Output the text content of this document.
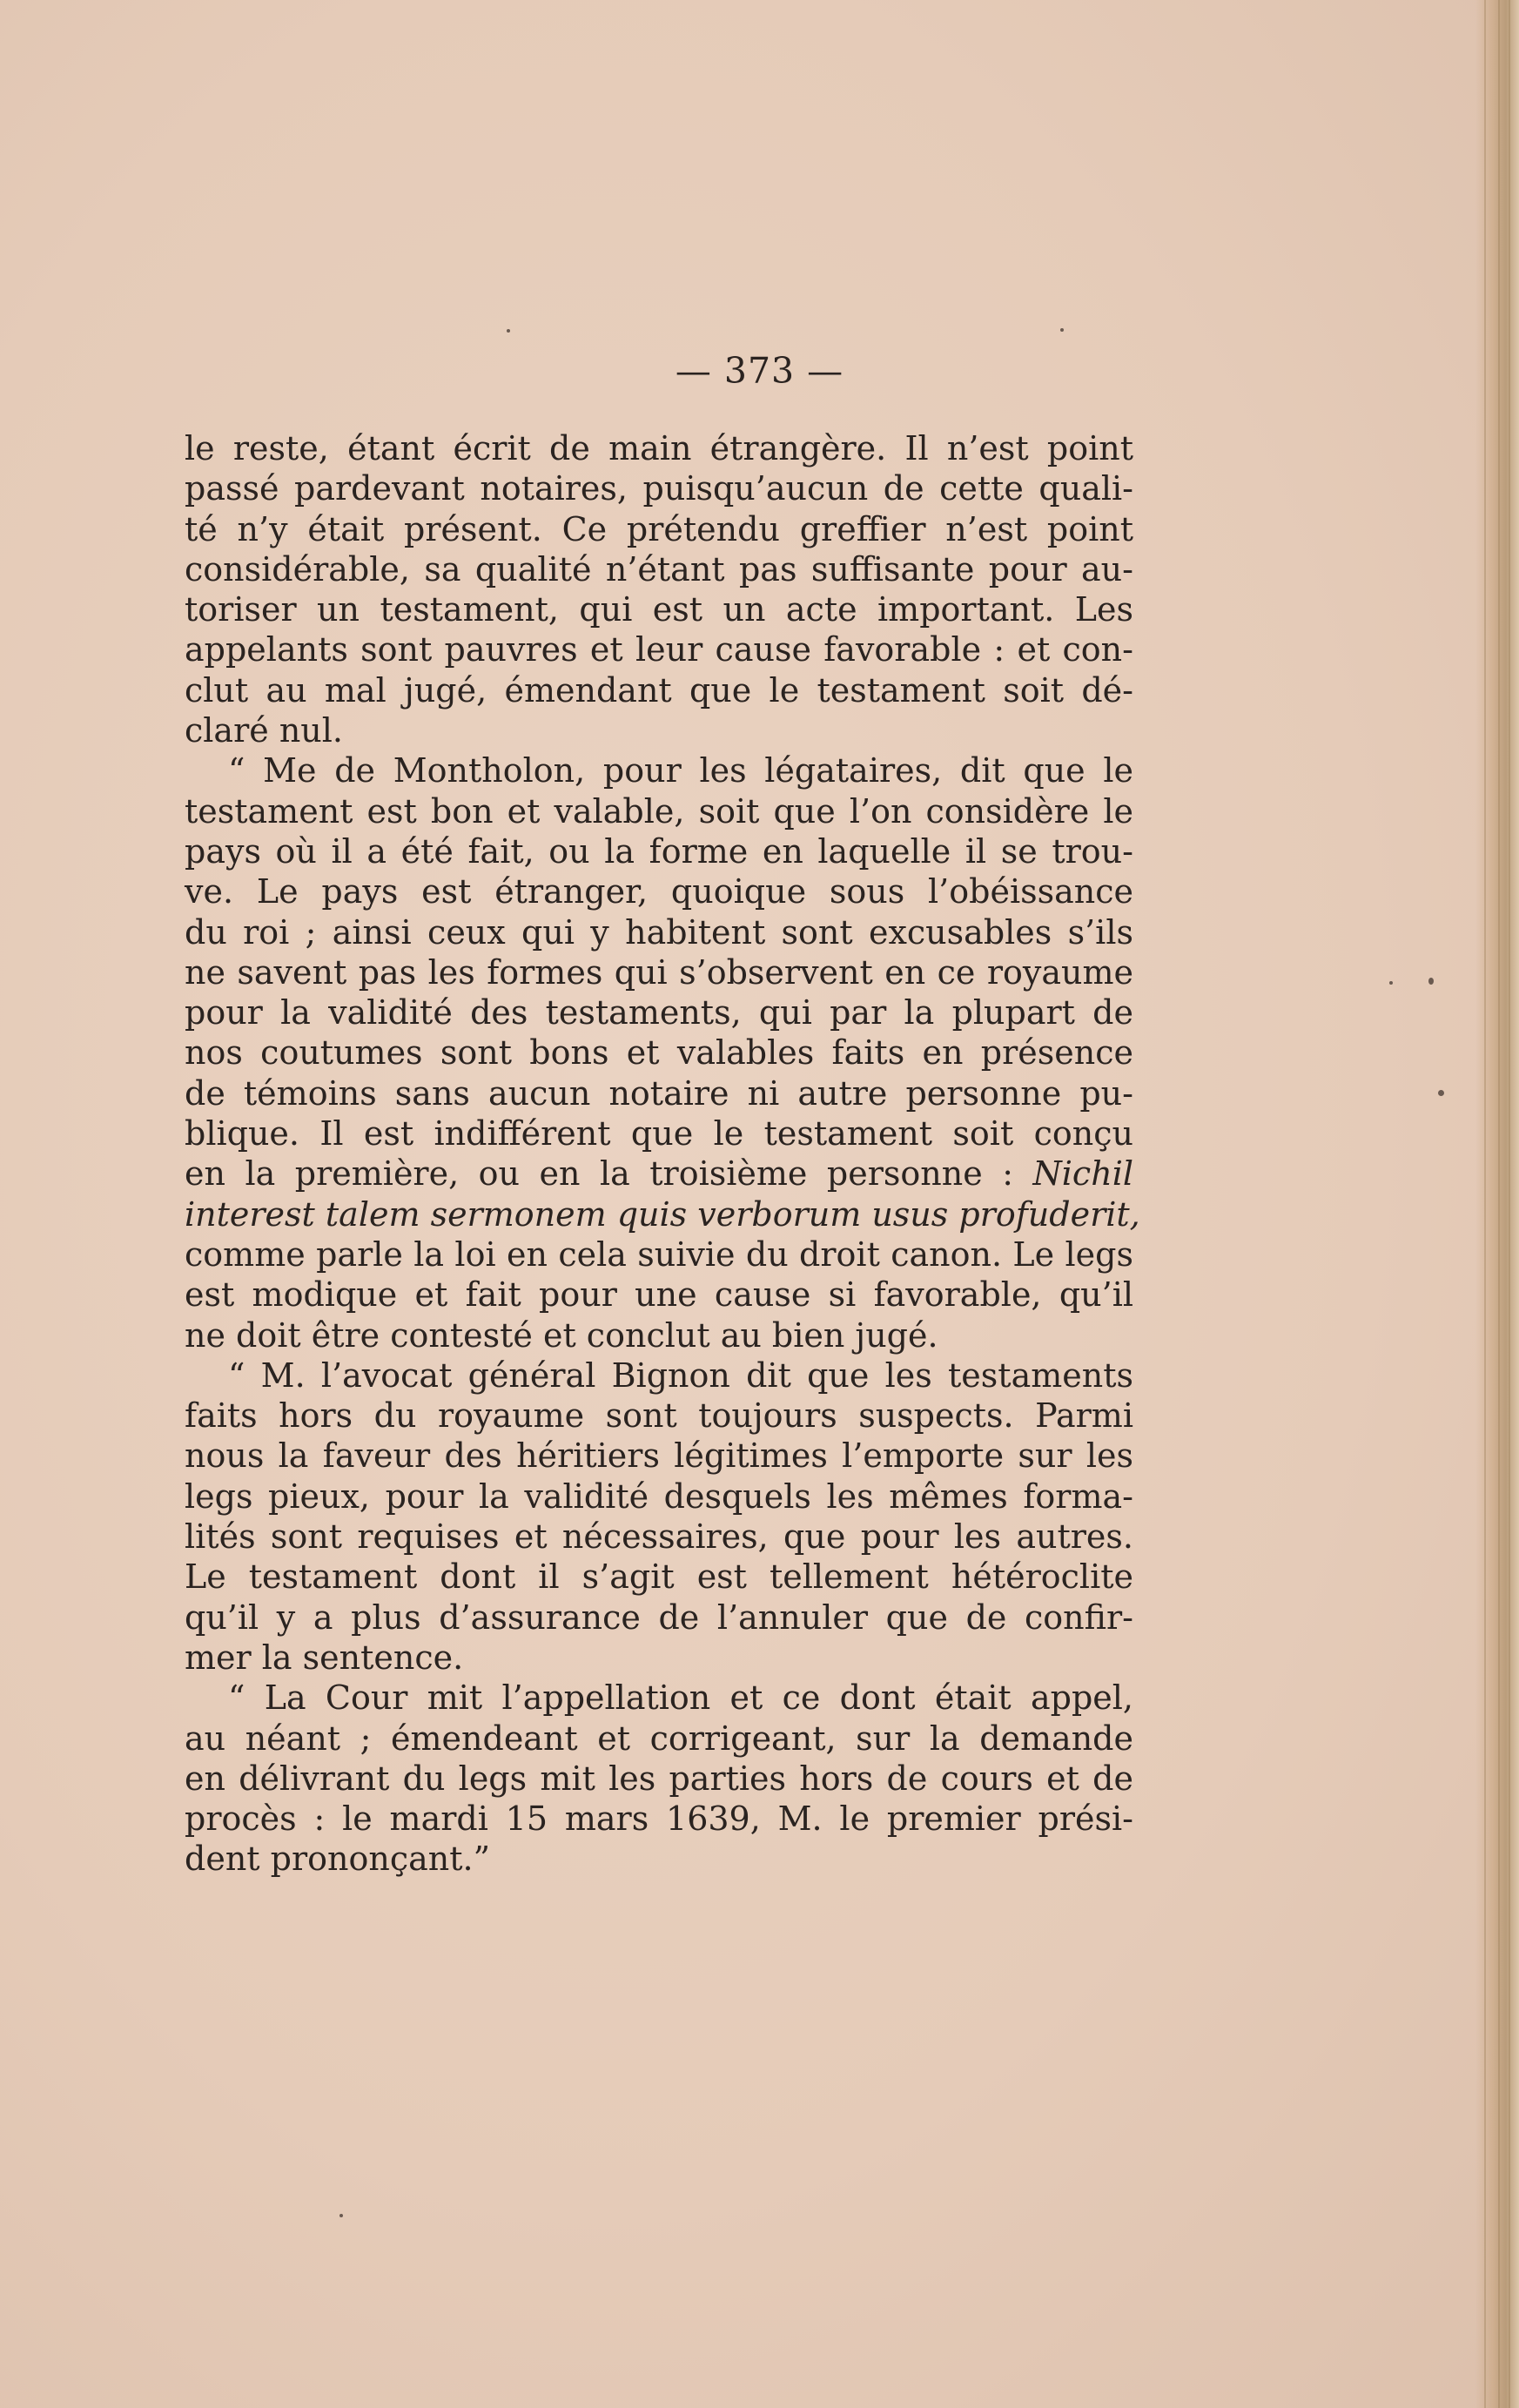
— 373 —
le reste, étant écrit de main étrangère. Il n’est point
passé pardevant notaires, puisqu’aucun de cette quali-
té n’y était présent. Ce prétendu greffier n’est point
considérable, sa qualité n’étant pas suffisante pour au-
toriser un testament, qui est un acte important. Les
appelants sont pauvres et leur cause favorable : et con-
clut au mal jugé, émendant que le testament soit dé-
claré nul.
“ Me de Montholon, pour les légataires, dit que le
testament est bon et valable, soit que l’on considère le
pays où il a été fait, ou la forme en laquelle il se trou-
ve. Le pays est étranger, quoique sous l’obéissance
du roi ; ainsi ceux qui y habitent sont excusables s’ils
ne savent pas les formes qui s’observent en ce royaume
pour la validité des testaments, qui par la plupart de
nos coutumes sont bons et valables faits en présence
de témoins sans aucun notaire ni autre personne pu-
blique. Il est indifférent que le testament soit conçu
en la première, ou en la troisième personne : Nichil
interest talem sermonem quis verborum usus profuderit,
comme parle la loi en cela suivie du droit canon. Le legs
est modique et fait pour une cause si favorable, qu’il
ne doit être contesté et conclut au bien jugé.
“ M. l’avocat général Bignon dit que les testaments
faits hors du royaume sont toujours suspects. Parmi
nous la faveur des héritiers légitimes l’emporte sur les
legs pieux, pour la validité desquels les mêmes forma-
lités sont requises et nécessaires, que pour les autres.
Le testament dont il s’agit est tellement hétéroclite
qu’il y a plus d’assurance de l’annuler que de confir-
mer la sentence.
“ La Cour mit l’appellation et ce dont était appel,
au néant ; émendeant et corrigeant, sur la demande
en délivrant du legs mit les parties hors de cours et de
procès : le mardi 15 mars 1639, M. le premier prési-
dent prononçant.”
